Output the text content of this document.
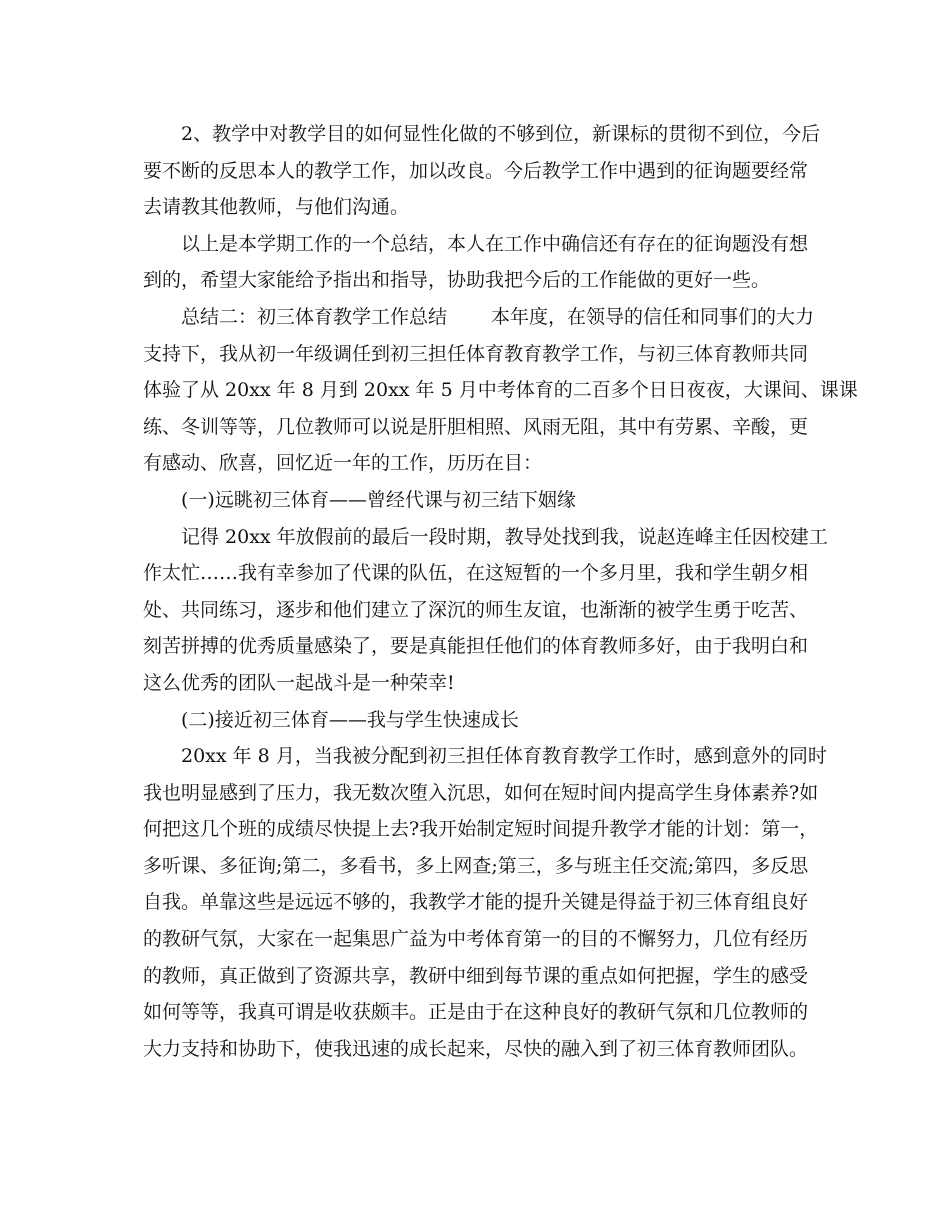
2、教学中对教学目的如何显性化做的不够到位，新课标的贯彻不到位，今后
要不断的反思本人的教学工作，加以改良。今后教学工作中遇到的征询题要经常
去请教其他教师，与他们沟通。
以上是本学期工作的一个总结，本人在工作中确信还有存在的征询题没有想
到的，希望大家能给予指出和指导，协助我把今后的工作能做的更好一些。
总结二：初三体育教学工作总结　　 本年度，在领导的信任和同事们的大力
支持下，我从初一年级调任到初三担任体育教育教学工作，与初三体育教师共同
体验了从 20xx 年 8 月到 20xx 年 5 月中考体育的二百多个日日夜夜，大课间、课课
练、冬训等等，几位教师可以说是肝胆相照、风雨无阻，其中有劳累、辛酸，更
有感动、欣喜，回忆近一年的工作，历历在目：
(一)远眺初三体育——曾经代课与初三结下姻缘
记得 20xx 年放假前的最后一段时期，教导处找到我，说赵连峰主任因校建工
作太忙……我有幸参加了代课的队伍，在这短暂的一个多月里，我和学生朝夕相
处、共同练习，逐步和他们建立了深沉的师生友谊，也渐渐的被学生勇于吃苦、
刻苦拼搏的优秀质量感染了，要是真能担任他们的体育教师多好，由于我明白和
这么优秀的团队一起战斗是一种荣幸!
(二)接近初三体育——我与学生快速成长
20xx 年 8 月，当我被分配到初三担任体育教育教学工作时，感到意外的同时
我也明显感到了压力，我无数次堕入沉思，如何在短时间内提高学生身体素养?如
何把这几个班的成绩尽快提上去?我开始制定短时间提升教学才能的计划：第一，
多听课、多征询;第二，多看书，多上网查;第三，多与班主任交流;第四，多反思
自我。单靠这些是远远不够的，我教学才能的提升关键是得益于初三体育组良好
的教研气氛，大家在一起集思广益为中考体育第一的目的不懈努力，几位有经历
的教师，真正做到了资源共享，教研中细到每节课的重点如何把握，学生的感受
如何等等，我真可谓是收获颇丰。正是由于在这种良好的教研气氛和几位教师的
大力支持和协助下，使我迅速的成长起来，尽快的融入到了初三体育教师团队。
